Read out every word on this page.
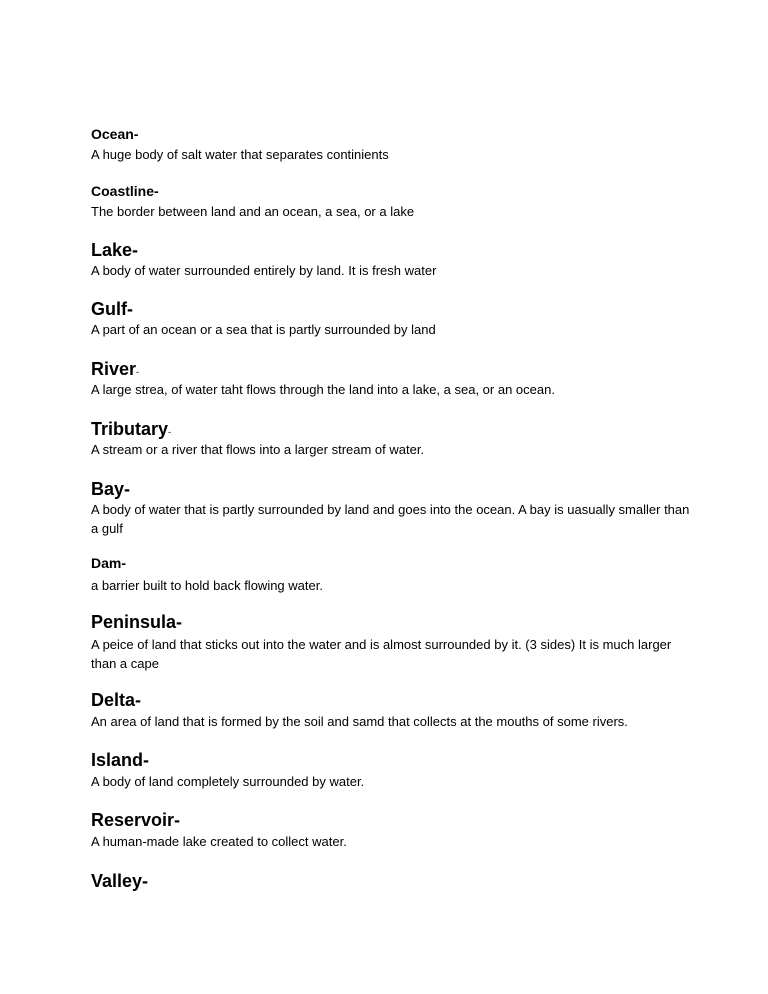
Ocean-

A huge body of salt water that separates continients

Coastline-

The border between land and an ocean, a sea, or a lake

Lake-

A body of water surrounded entirely by land. It is fresh water

Gulf-

A part of an ocean or a sea that is partly surrounded by land

River-

A large strea, of water taht flows through the land into a lake, a sea, or an ocean.

Tributary-

A stream or a river that flows into a larger stream of water.

Bay-

A body of water that is partly surrounded by land and goes into the ocean. A bay is uasually smaller than a gulf

Dam-

a barrier built to hold back flowing water.

Peninsula-

A peice of land that sticks out into the water and is almost surrounded by it. (3 sides) It is much larger than a cape

Delta-

An area of land that is formed by the soil and samd that collects at the mouths of some rivers.

Island-

A body of land completely surrounded by water.

Reservoir-

A human-made lake created to collect water.

Valley-
